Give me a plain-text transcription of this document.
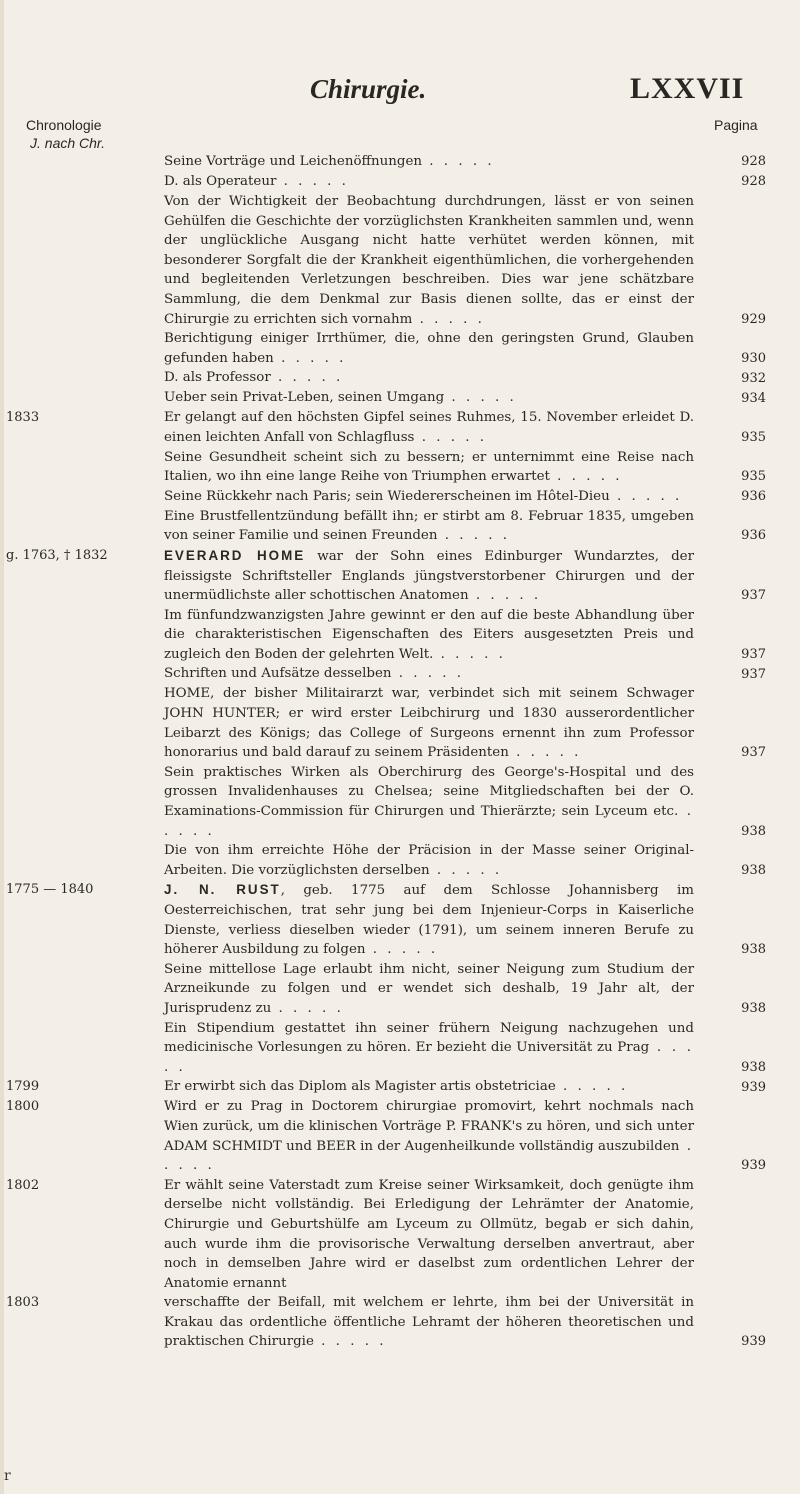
Chirurgie.	LXXVII
Chronologie
J. nach Chr.
Pagina
Seine Vorträge und Leichenöffnungen . . . . .	928
D. als Operateur . . . . .	928
Von der Wichtigkeit der Beobachtung durchdrungen, lässt er von seinen Gehülfen die Geschichte der vorzüglichsten Krankheiten sammlen und, wenn der unglückliche Ausgang nicht hatte verhütet werden können, mit besonderer Sorgfalt die der Krankheit eigenthümlichen, die vorhergehenden und begleitenden Verletzungen beschreiben. Dies war jene schätzbare Sammlung, die dem Denkmal zur Basis dienen sollte, das er einst der Chirurgie zu errichten sich vornahm . . . . .	929
Berichtigung einiger Irrthümer, die, ohne den geringsten Grund, Glauben gefunden haben . . . . .	930
D. als Professor . . . . .	932
Ueber sein Privat-Leben, seinen Umgang . . . . .	934
1833	Er gelangt auf den höchsten Gipfel seines Ruhmes, 15. November erleidet D. einen leichten Anfall von Schlagfluss . . . . .	935
Seine Gesundheit scheint sich zu bessern; er unternimmt eine Reise nach Italien, wo ihn eine lange Reihe von Triumphen erwartet . . . . .	935
Seine Rückkehr nach Paris; sein Wiedererscheinen im Hôtel-Dieu . . . . .	936
Eine Brustfellentzündung befällt ihn; er stirbt am 8. Februar 1835, umgeben von seiner Familie und seinen Freunden . . . . .	936
g. 1763, † 1832	EVERARD HOME war der Sohn eines Edinburger Wundarztes, der fleissigste Schriftsteller Englands jüngstverstorbener Chirurgen und der unermüdlichste aller schottischen Anatomen . . . . .	937
Im fünfundzwanzigsten Jahre gewinnt er den auf die beste Abhandlung über die charakteristischen Eigenschaften des Eiters ausgesetzten Preis und zugleich den Boden der gelehrten Welt. . . . . .	937
Schriften und Aufsätze desselben . . . . .	937
HOME, der bisher Militairarzt war, verbindet sich mit seinem Schwager JOHN HUNTER; er wird erster Leibchirurg und 1830 ausserordentlicher Leibarzt des Königs; das College of Surgeons ernennt ihn zum Professor honorarius und bald darauf zu seinem Präsidenten . . . . .	937
Sein praktisches Wirken als Oberchirurg des George's-Hospital und des grossen Invalidenhauses zu Chelsea; seine Mitgliedschaften bei der O. Examinations-Commission für Chirurgen und Thierärzte; sein Lyceum etc. . . . . .	938
Die von ihm erreichte Höhe der Präcision in der Masse seiner Original-Arbeiten. Die vorzüglichsten derselben . . . . .	938
1775 — 1840	J. N. RUST, geb. 1775 auf dem Schlosse Johannisberg im Oesterreichischen, trat sehr jung bei dem Injenieur-Corps in Kaiserliche Dienste, verliess dieselben wieder (1791), um seinem inneren Berufe zu höherer Ausbildung zu folgen . . . . .	938
Seine mittellose Lage erlaubt ihm nicht, seiner Neigung zum Studium der Arzneikunde zu folgen und er wendet sich deshalb, 19 Jahr alt, der Jurisprudenz zu . . . . .	938
Ein Stipendium gestattet ihn seiner frühern Neigung nachzugehen und medicinische Vorlesungen zu hören. Er bezieht die Universität zu Prag . . . . .	938
1799	Er erwirbt sich das Diplom als Magister artis obstetriciae . . . . .	939
1800	Wird er zu Prag in Doctorem chirurgiae promovirt, kehrt nochmals nach Wien zurück, um die klinischen Vorträge P. FRANK's zu hören, und sich unter ADAM SCHMIDT und BEER in der Augenheilkunde vollständig auszubilden . . . . .	939
1802	Er wählt seine Vaterstadt zum Kreise seiner Wirksamkeit, doch genügte ihm derselbe nicht vollständig. Bei Erledigung der Lehrämter der Anatomie, Chirurgie und Geburtshülfe am Lyceum zu Ollmütz, begab er sich dahin, auch wurde ihm die provisorische Verwaltung derselben anvertraut, aber noch in demselben Jahre wird er daselbst zum ordentlichen Lehrer der Anatomie ernannt
1803	verschaffte der Beifall, mit welchem er lehrte, ihm bei der Universität in Krakau das ordentliche öffentliche Lehramt der höheren theoretischen und praktischen Chirurgie . . . . .	939
r
